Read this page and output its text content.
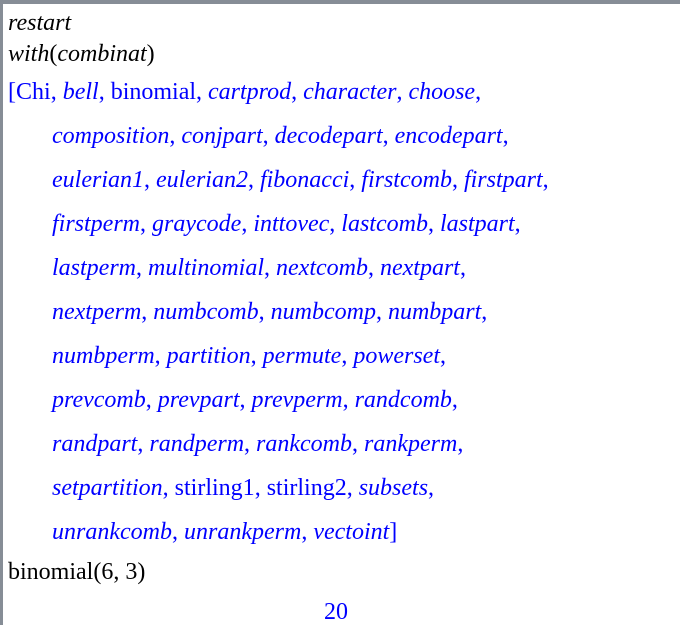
restart
with(combinat)
[Chi, bell, binomial, cartprod, character, choose,
composition, conjpart, decodepart, encodepart,
eulerian1, eulerian2, fibonacci, firstcomb, firstpart,
firstperm, graycode, inttovec, lastcomb, lastpart,
lastperm, multinomial, nextcomb, nextpart,
nextperm, numbcomb, numbcomp, numbpart,
numbperm, partition, permute, powerset,
prevcomb, prevpart, prevperm, randcomb,
randpart, randperm, rankcomb, rankperm,
setpartition, stirling1, stirling2, subsets,
unrankcomb, unrankperm, vectoint]
binomial(6, 3)
20
